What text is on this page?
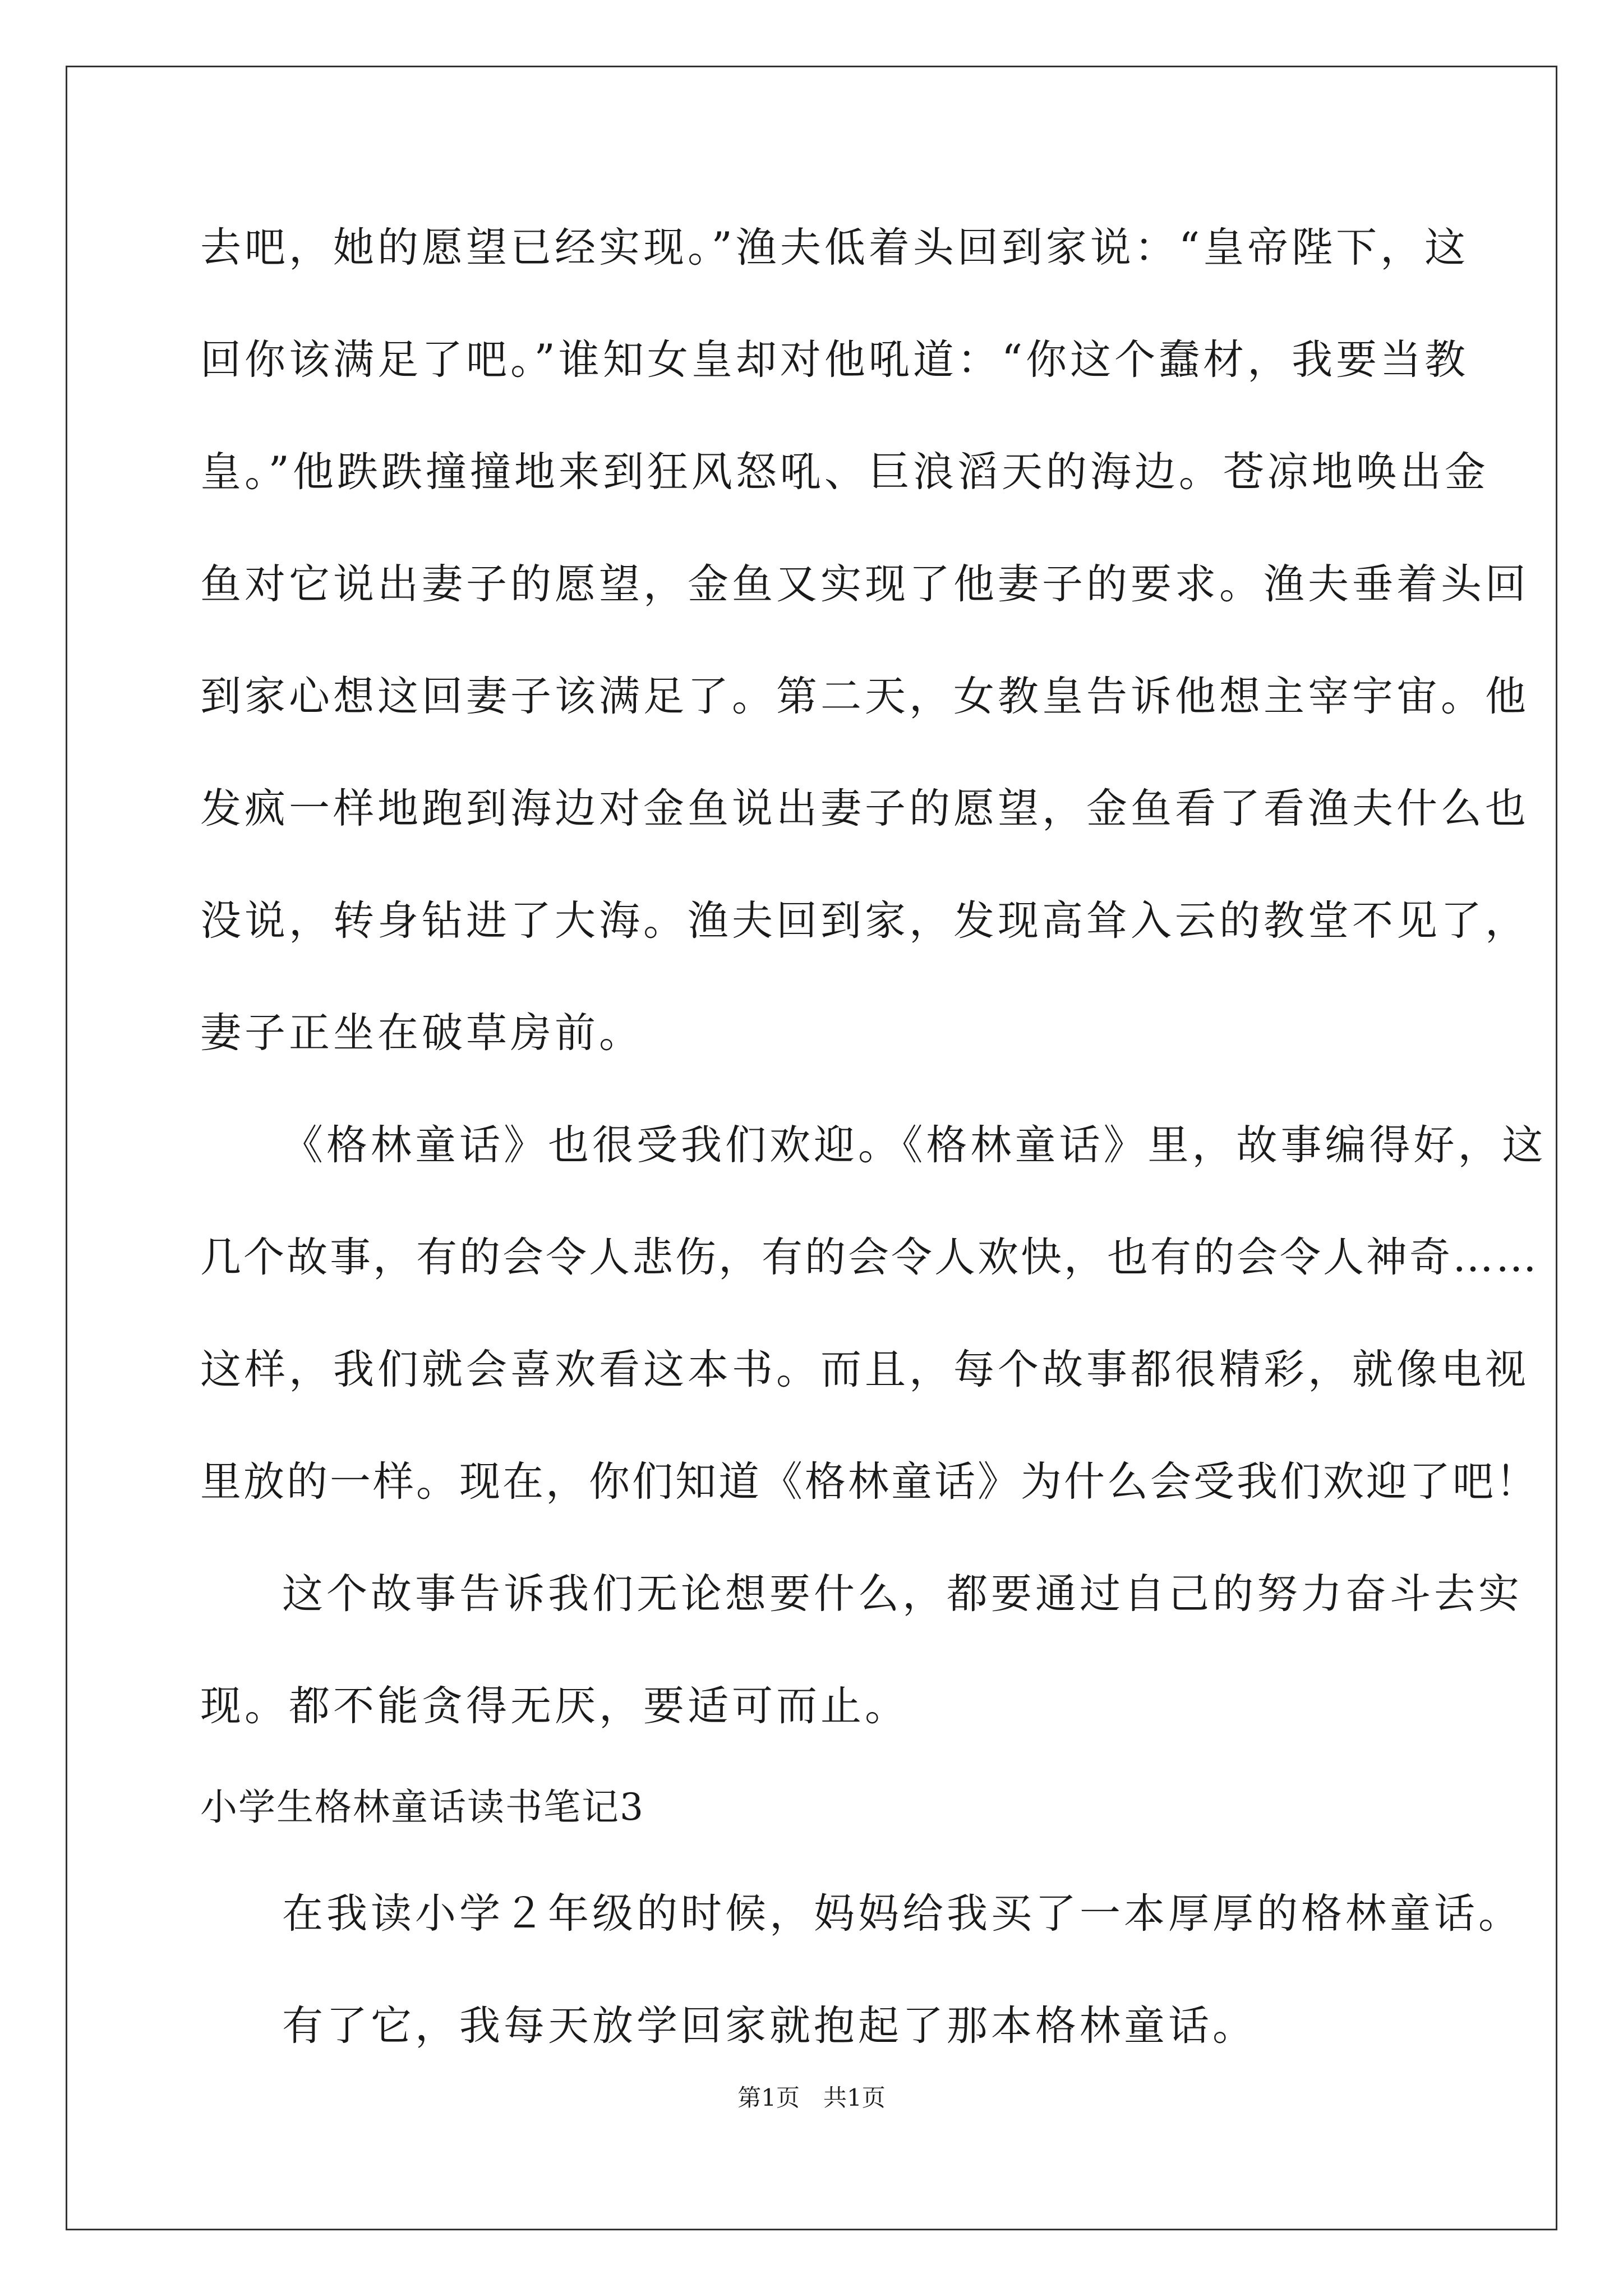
去吧，她的愿望已经实现。”渔夫低着头回到家说：“皇帝陛下，这
回你该满足了吧。”谁知女皇却对他吼道：“你这个蠢材，我要当教
皇。”他跌跌撞撞地来到狂风怒吼、巨浪滔天的海边。苍凉地唤出金
鱼对它说出妻子的愿望，金鱼又实现了他妻子的要求。渔夫垂着头回
到家心想这回妻子该满足了。第二天，女教皇告诉他想主宰宇宙。他
发疯一样地跑到海边对金鱼说出妻子的愿望，金鱼看了看渔夫什么也
没说，转身钻进了大海。渔夫回到家，发现高耸入云的教堂不见了，
妻子正坐在破草房前。
《格林童话》也很受我们欢迎。《格林童话》里，故事编得好，这
几个故事，有的会令人悲伤，有的会令人欢快，也有的会令人神奇……
这样，我们就会喜欢看这本书。而且，每个故事都很精彩，就像电视
里放的一样。现在，你们知道《格林童话》为什么会受我们欢迎了吧！
这个故事告诉我们无论想要什么，都要通过自己的努力奋斗去实
现。都不能贪得无厌，要适可而止。
小学生格林童话读书笔记3
在我读小学２年级的时候，妈妈给我买了一本厚厚的格林童话。
有了它，我每天放学回家就抱起了那本格林童话。
第1页　共1页
